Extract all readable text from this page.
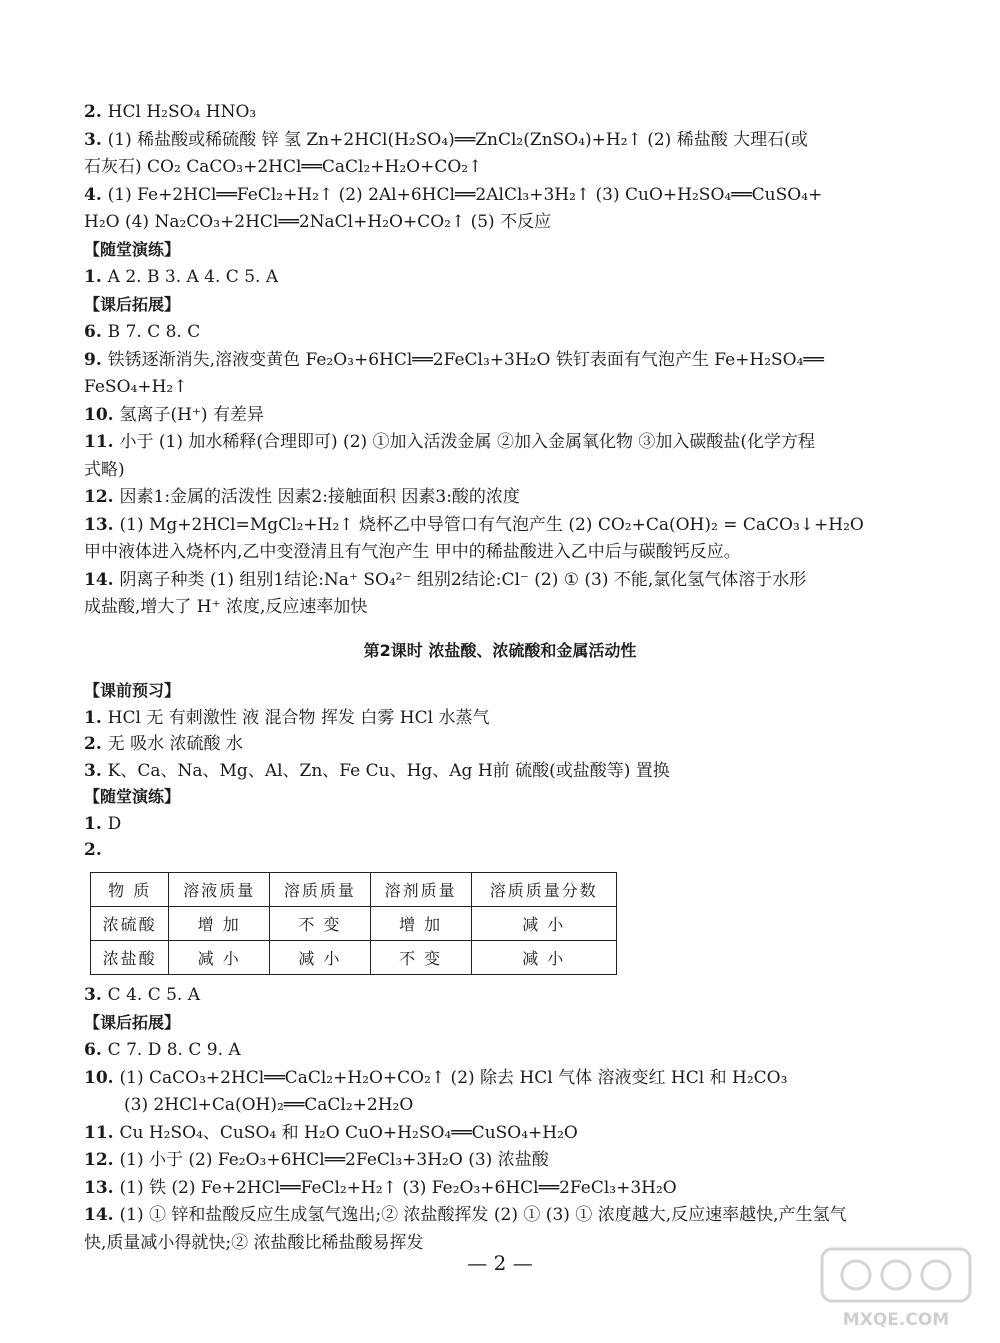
2. HCl H₂SO₄ HNO₃
3. (1) 稀盐酸或稀硫酸 锌 氢 Zn+2HCl(H₂SO₄)══ZnCl₂(ZnSO₄)+H₂↑ (2) 稀盐酸 大理石(或
石灰石) CO₂ CaCO₃+2HCl══CaCl₂+H₂O+CO₂↑
4. (1) Fe+2HCl══FeCl₂+H₂↑ (2) 2Al+6HCl══2AlCl₃+3H₂↑ (3) CuO+H₂SO₄══CuSO₄+
H₂O (4) Na₂CO₃+2HCl══2NaCl+H₂O+CO₂↑ (5) 不反应
【随堂演练】
1. A 2. B 3. A 4. C 5. A
【课后拓展】
6. B 7. C 8. C
9. 铁锈逐渐消失,溶液变黄色 Fe₂O₃+6HCl══2FeCl₃+3H₂O 铁钉表面有气泡产生 Fe+H₂SO₄══
FeSO₄+H₂↑
10. 氢离子(H⁺) 有差异
11. 小于 (1) 加水稀释(合理即可) (2) ①加入活泼金属 ②加入金属氧化物 ③加入碳酸盐(化学方程
式略)
12. 因素1:金属的活泼性 因素2:接触面积 因素3:酸的浓度
13. (1) Mg+2HCl=MgCl₂+H₂↑ 烧杯乙中导管口有气泡产生 (2) CO₂+Ca(OH)₂ = CaCO₃↓+H₂O
甲中液体进入烧杯内,乙中变澄清且有气泡产生 甲中的稀盐酸进入乙中后与碳酸钙反应。
14. 阴离子种类 (1) 组别1结论:Na⁺ SO₄²⁻ 组别2结论:Cl⁻ (2) ① (3) 不能,氯化氢气体溶于水形
成盐酸,增大了 H⁺ 浓度,反应速率加快
第2课时 浓盐酸、浓硫酸和金属活动性
【课前预习】
1. HCl 无 有刺激性 液 混合物 挥发 白雾 HCl 水蒸气
2. 无 吸水 浓硫酸 水
3. K、Ca、Na、Mg、Al、Zn、Fe Cu、Hg、Ag H前 硫酸(或盐酸等) 置换
【随堂演练】
1. D
2.
物 质	溶液质量	溶质质量	溶剂质量	溶质质量分数
浓硫酸	增 加	不 变	增 加	减 小
浓盐酸	减 小	减 小	不 变	减 小
3. C 4. C 5. A
【课后拓展】
6. C 7. D 8. C 9. A
10. (1) CaCO₃+2HCl══CaCl₂+H₂O+CO₂↑ (2) 除去 HCl 气体 溶液变红 HCl 和 H₂CO₃
(3) 2HCl+Ca(OH)₂══CaCl₂+2H₂O
11. Cu H₂SO₄、CuSO₄ 和 H₂O CuO+H₂SO₄══CuSO₄+H₂O
12. (1) 小于 (2) Fe₂O₃+6HCl══2FeCl₃+3H₂O (3) 浓盐酸
13. (1) 铁 (2) Fe+2HCl══FeCl₂+H₂↑ (3) Fe₂O₃+6HCl══2FeCl₃+3H₂O
14. (1) ① 锌和盐酸反应生成氢气逸出;② 浓盐酸挥发 (2) ① (3) ① 浓度越大,反应速率越快,产生氢气
快,质量减小得就快;② 浓盐酸比稀盐酸易挥发
— 2 —
MXQE.COM
